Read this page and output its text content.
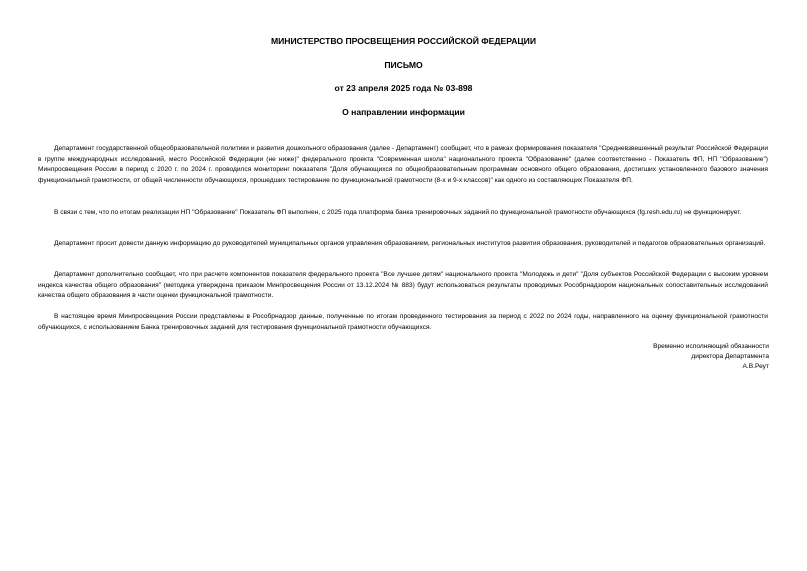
МИНИСТЕРСТВО ПРОСВЕЩЕНИЯ РОССИЙСКОЙ ФЕДЕРАЦИИ
ПИСЬМО
от 23 апреля 2025 года № 03-898
О направлении информации

Департамент государственной общеобразовательной политики и развития дошкольного образования (далее - Департамент) сообщает, что в рамках формирования показателя "Средневзвешенный результат Российской Федерации в группе международных исследований, место Российской Федерации (не ниже)" федерального проекта "Современная школа" национального проекта "Образование" (далее соответственно - Показатель ФП, НП "Образование") Минпросвещения России в период с 2020 г. по 2024 г. проводился мониторинг показателя "Доля обучающихся по общеобразовательным программам основного общего образования, достигших установленного базового значения функциональной грамотности, от общей численности обучающихся, прошедших тестирование по функциональной грамотности (8-х и 9-х классов)" как одного из составляющих Показателя ФП.

В связи с тем, что по итогам реализации НП "Образование" Показатель ФП выполнен, с 2025 года платформа банка тренировочных заданий по функциональной грамотности обучающихся (fg.resh.edu.ru) не функционирует.

Департамент просит довести данную информацию до руководителей муниципальных органов управления образованием, региональных институтов развития образования, руководителей и педагогов образовательных организаций.

Департамент дополнительно сообщает, что при расчете компонентов показателя федерального проекта "Все лучшее детям" национального проекта "Молодежь и дети" "Доля субъектов Российской Федерации с высоким уровнем индекса качества общего образования" (методика утверждена приказом Минпросвещения России от 13.12.2024 № 883) будут использоваться результаты проводимых Рособрнадзором национальных сопоставительных исследований качества общего образования в части оценки функциональной грамотности.

В настоящее время Минпросвещения России представлены в Рособрнадзор данные, полученные по итогам проведенного тестирования за период с 2022 по 2024 годы, направленного на оценку функциональной грамотности обучающихся, с использованием Банка тренировочных заданий для тестирования функциональной грамотности обучающихся.

Временно исполняющий обязанности
директора Департамента
А.В.Реут
